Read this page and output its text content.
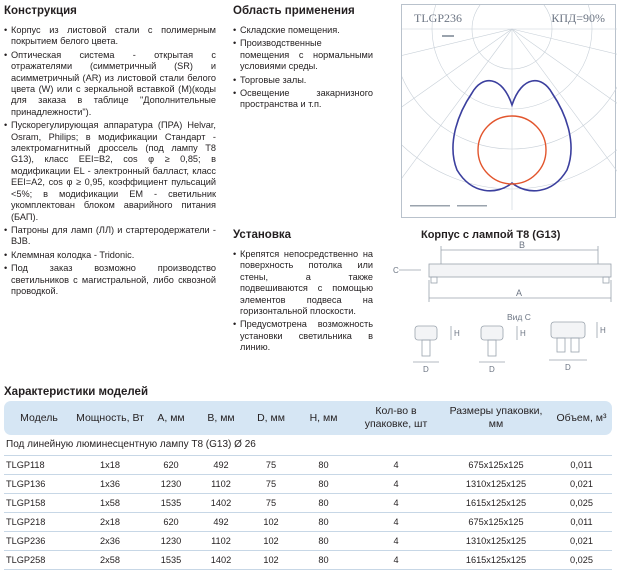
Конструкция
• Корпус из листовой стали с полимерным покрытием белого цвета.
• Оптическая система - открытая с отражателями (симметричный (SR) и асимметричный (AR) из листовой стали белого цвета (W) или с зеркальной вставкой (M)(коды для заказа в таблице "Дополнительные принадлежности").
• Пускорегулирующая аппаратура (ПРА) Helvar, Osram, Philips; в модификации Стандарт - электромагнитный дроссель (под лампу T8 G13), класс EEI=B2, cos φ ≥ 0,85; в модификации EL - электронный балласт, класс EEI=A2, cos φ ≥ 0,95, коэффициент пульсаций <5%; в модификации EM - светильник укомплектован блоком аварийного питания (БАП).
• Патроны для ламп (ЛЛ) и стартеродержатели - BJB.
• Клеммная колодка - Tridonic.
• Под заказ возможно производство светильников с магистральной, либо сквозной проводкой.
Область применения
• Складские помещения.
• Производственные помещения с нормальными условиями среды.
• Торговые залы.
• Освещение закарнизного пространства и т.п.
Установка
• Крепятся непосредственно на поверхность потолка или стены, а также подвешиваются с помощью элементов подвеса на горизонтальной плоскости.
• Предусмотрена возможность установки светильника в линию.
TLGP236	КПД=90%
Корпус с лампой T8 (G13)
B
A
C
Вид С
H	H	H
D	D	D
Характеристики моделей
Модель	Мощность, Вт	A, мм	B, мм	D, мм	H, мм	Кол-во в упаковке, шт	Размеры упаковки, мм	Объем, м³
Под линейную люминесцентную лампу T8 (G13) Ø 26								
TLGP118	1x18	620	492	75	80	4	675x125x125	0,011
TLGP136	1x36	1230	1102	75	80	4	1310x125x125	0,021
TLGP158	1x58	1535	1402	75	80	4	1615x125x125	0,025
TLGP218	2x18	620	492	102	80	4	675x125x125	0,011
TLGP236	2x36	1230	1102	102	80	4	1310x125x125	0,021
TLGP258	2x58	1535	1402	102	80	4	1615x125x125	0,025
